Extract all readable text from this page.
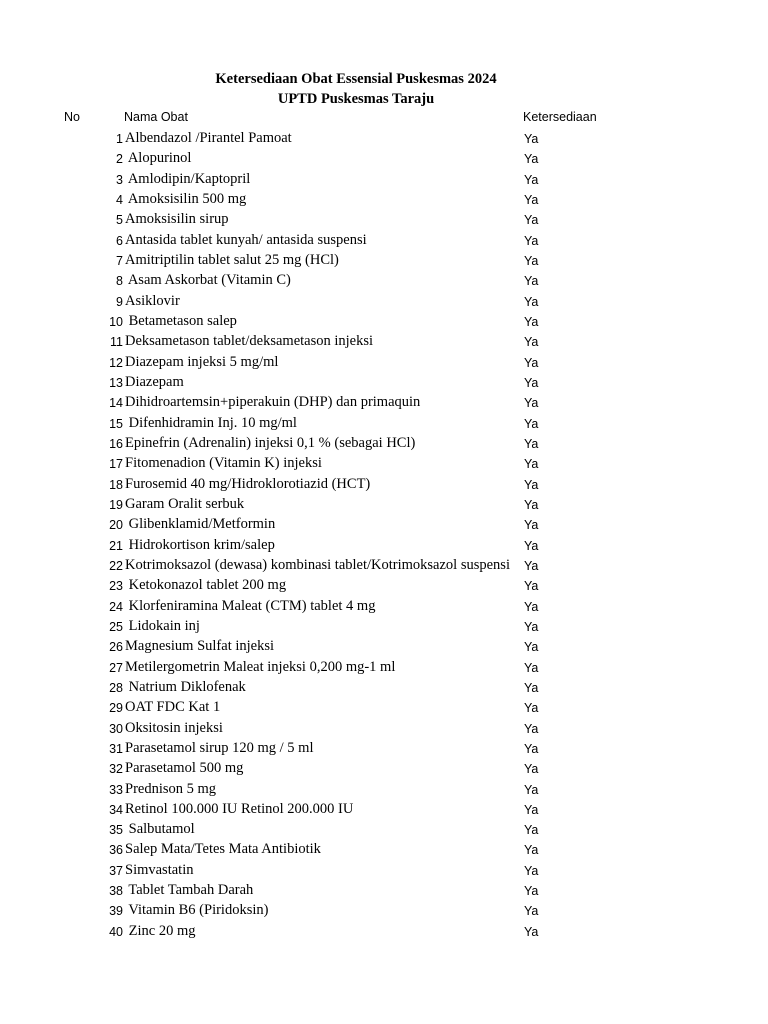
Ketersediaan Obat Essensial Puskesmas 2024
UPTD Puskesmas Taraju
No	Nama Obat	Ketersediaan
1 Albendazol /Pirantel Pamoat	Ya
2 Alopurinol	Ya
3 Amlodipin/Kaptopril	Ya
4 Amoksisilin 500 mg	Ya
5 Amoksisilin sirup	Ya
6 Antasida tablet kunyah/ antasida suspensi	Ya
7 Amitriptilin tablet salut 25 mg (HCl)	Ya
8 Asam Askorbat (Vitamin C)	Ya
9 Asiklovir	Ya
10 Betametason salep	Ya
11 Deksametason tablet/deksametason injeksi	Ya
12 Diazepam injeksi 5 mg/ml	Ya
13 Diazepam	Ya
14 Dihidroartemsin+piperakuin (DHP) dan primaquin	Ya
15 Difenhidramin Inj. 10 mg/ml	Ya
16 Epinefrin (Adrenalin) injeksi 0,1 % (sebagai HCl)	Ya
17 Fitomenadion (Vitamin K) injeksi	Ya
18 Furosemid 40 mg/Hidroklorotiazid (HCT)	Ya
19 Garam Oralit serbuk	Ya
20 Glibenklamid/Metformin	Ya
21 Hidrokortison krim/salep	Ya
22 Kotrimoksazol (dewasa) kombinasi tablet/Kotrimoksazol suspensi Ya
23 Ketokonazol tablet 200 mg	Ya
24 Klorfeniramina Maleat (CTM) tablet 4 mg	Ya
25 Lidokain inj	Ya
26 Magnesium Sulfat injeksi	Ya
27 Metilergometrin Maleat injeksi 0,200 mg-1 ml	Ya
28 Natrium Diklofenak	Ya
29 OAT FDC Kat 1	Ya
30 Oksitosin injeksi	Ya
31 Parasetamol sirup 120 mg / 5 ml	Ya
32 Parasetamol 500 mg	Ya
33 Prednison 5 mg	Ya
34 Retinol 100.000 IU Retinol 200.000 IU	Ya
35 Salbutamol	Ya
36 Salep Mata/Tetes Mata Antibiotik	Ya
37 Simvastatin	Ya
38 Tablet Tambah Darah	Ya
39 Vitamin B6 (Piridoksin)	Ya
40 Zinc 20 mg	Ya
